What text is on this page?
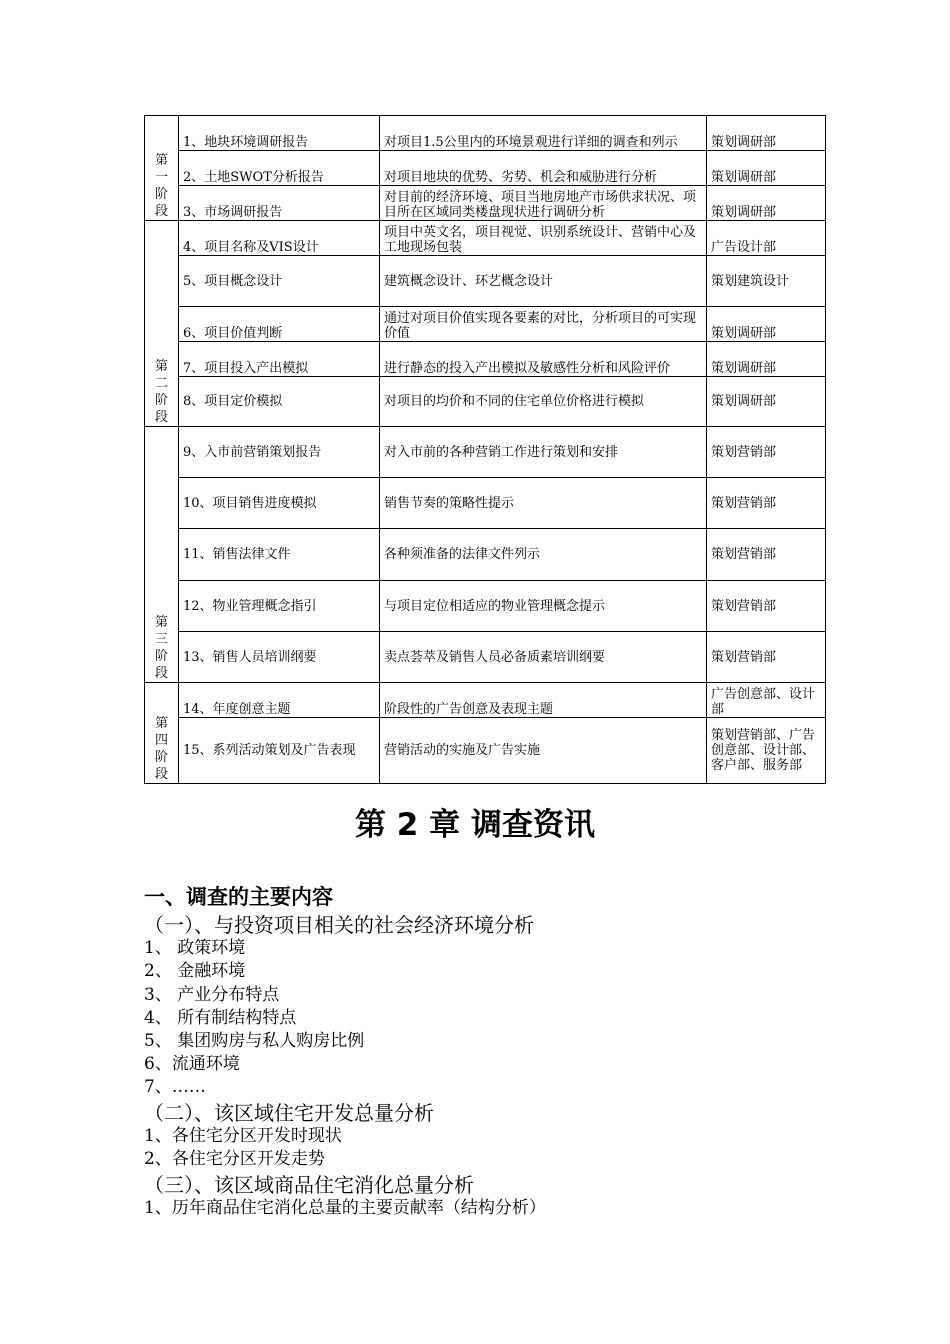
第
一
阶
段	1、地块环境调研报告	对项目1.5公里内的环境景观进行详细的调查和列示	策划调研部
	2、土地SWOT分析报告	对项目地块的优势、劣势、机会和威胁进行分析	策划调研部
	3、市场调研报告	对目前的经济环境、项目当地房地产市场供求状况、项目所在区域同类楼盘现状进行调研分析	策划调研部

第
二
阶
段	4、项目名称及VIS设计	项目中英文名，项目视觉、识别系统设计、营销中心及工地现场包装	广告设计部
	5、项目概念设计	建筑概念设计、环艺概念设计	策划建筑设计
	6、项目价值判断	通过对项目价值实现各要素的对比，分析项目的可实现价值	策划调研部
	7、项目投入产出模拟	进行静态的投入产出模拟及敏感性分析和风险评价	策划调研部
	8、项目定价模拟	对项目的均价和不同的住宅单位价格进行模拟	策划调研部

第
三
阶
段	9、入市前营销策划报告	对入市前的各种营销工作进行策划和安排	策划营销部
	10、项目销售进度模拟	销售节奏的策略性提示	策划营销部
	11、销售法律文件	各种须准备的法律文件列示	策划营销部
	12、物业管理概念指引	与项目定位相适应的物业管理概念提示	策划营销部
	13、销售人员培训纲要	卖点荟萃及销售人员必备质素培训纲要	策划营销部

第
四
阶
段	14、年度创意主题	阶段性的广告创意及表现主题	广告创意部、设计部
	15、系列活动策划及广告表现	营销活动的实施及广告实施	策划营销部、广告创意部、设计部、客户部、服务部
第 2 章 调查资讯
一、调查的主要内容
（一）、与投资项目相关的社会经济环境分析
1、 政策环境
2、 金融环境
3、 产业分布特点
4、 所有制结构特点
5、 集团购房与私人购房比例
6、流通环境
7、……
（二）、该区域住宅开发总量分析
1、各住宅分区开发时现状
2、各住宅分区开发走势
（三）、该区域商品住宅消化总量分析
1、历年商品住宅消化总量的主要贡献率（结构分析）
